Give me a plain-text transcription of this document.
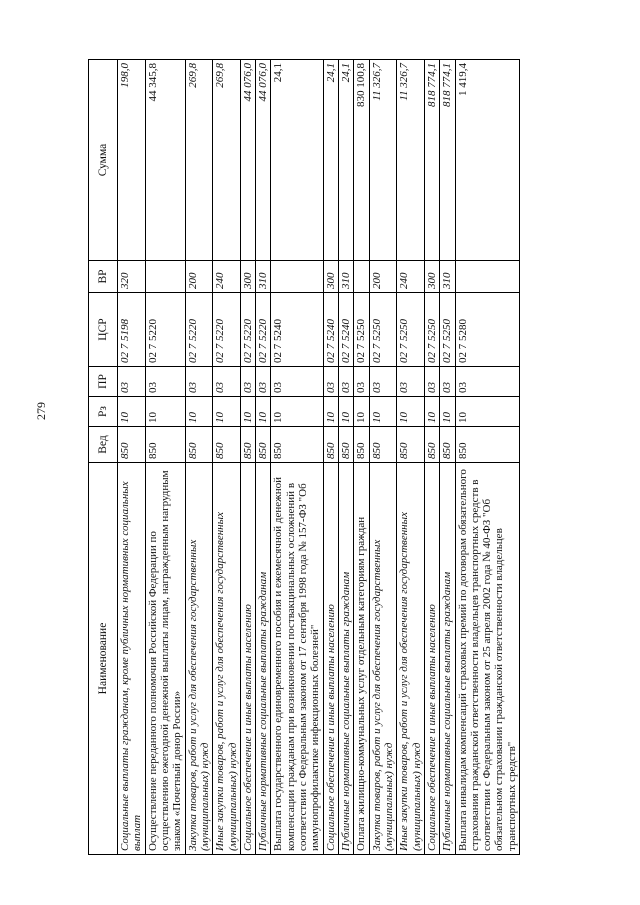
279
Наименование	Вед	Рз	ПР	ЦСР	ВР	Сумма
Социальные выплаты гражданам, кроме публичных нормативных социальных выплат	850	10	03	02 7 5198	320	198,0
Осуществление переданного полномочия Российской Федерации по осуществлению ежегодной денежной выплаты лицам, награжденным нагрудным знаком «Почетный донор России»	850	10	03	02 7 5220		44 345,8
Закупка товаров, работ и услуг для обеспечения государственных (муниципальных) нужд	850	10	03	02 7 5220	200	269,8
Иные закупки товаров, работ и услуг для обеспечения государственных (муниципальных) нужд	850	10	03	02 7 5220	240	269,8
Социальное обеспечение и иные выплаты населению	850	10	03	02 7 5220	300	44 076,0
Публичные нормативные социальные выплаты гражданам	850	10	03	02 7 5220	310	44 076,0
Выплата государственного единовременного пособия и ежемесячной денежной компенсации гражданам при возникновении поствакцинальных осложнений в соответствии с Федеральным законом от 17 сентября 1998 года № 157-ФЗ "Об иммунопрофилактике инфекционных болезней"	850	10	03	02 7 5240		24,1
Социальное обеспечение и иные выплаты населению	850	10	03	02 7 5240	300	24,1
Публичные нормативные социальные выплаты гражданам	850	10	03	02 7 5240	310	24,1
Оплата жилищно-коммунальных услуг отдельным категориям граждан	850	10	03	02 7 5250		830 100,8
Закупка товаров, работ и услуг для обеспечения государственных (муниципальных) нужд	850	10	03	02 7 5250	200	11 326,7
Иные закупки товаров, работ и услуг для обеспечения государственных (муниципальных) нужд	850	10	03	02 7 5250	240	11 326,7
Социальное обеспечение и иные выплаты населению	850	10	03	02 7 5250	300	818 774,1
Публичные нормативные социальные выплаты гражданам	850	10	03	02 7 5250	310	818 774,1
Выплата инвалидам компенсаций страховых премий по договорам обязательного страхования гражданской ответственности владельцев транспортных средств в соответствии с Федеральным законом от 25 апреля 2002 года № 40-ФЗ "Об обязательном страховании гражданской ответственности владельцев транспортных средств"	850	10	03	02 7 5280		1 419,4
